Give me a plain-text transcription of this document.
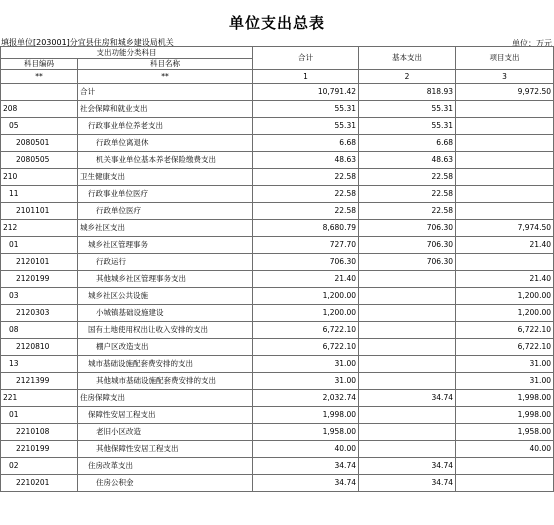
单位支出总表
填报单位[203001]分宜县住房和城乡建设局机关	单位：万元
支出功能分类科目		合计	基本支出	项目支出
科目编码	科目名称			
**	**	1	2	3
	合计	10,791.42	818.93	9,972.50
208	社会保障和就业支出	55.31	55.31	
05	行政事业单位养老支出	55.31	55.31	
2080501	行政单位离退休	6.68	6.68	
2080505	机关事业单位基本养老保险缴费支出	48.63	48.63	
210	卫生健康支出	22.58	22.58	
11	行政事业单位医疗	22.58	22.58	
2101101	行政单位医疗	22.58	22.58	
212	城乡社区支出	8,680.79	706.30	7,974.50
01	城乡社区管理事务	727.70	706.30	21.40
2120101	行政运行	706.30	706.30	
2120199	其他城乡社区管理事务支出	21.40		21.40
03	城乡社区公共设施	1,200.00		1,200.00
2120303	小城镇基础设施建设	1,200.00		1,200.00
08	国有土地使用权出让收入安排的支出	6,722.10		6,722.10
2120810	棚户区改造支出	6,722.10		6,722.10
13	城市基础设施配套费安排的支出	31.00		31.00
2121399	其他城市基础设施配套费安排的支出	31.00		31.00
221	住房保障支出	2,032.74	34.74	1,998.00
01	保障性安居工程支出	1,998.00		1,998.00
2210108	老旧小区改造	1,958.00		1,958.00
2210199	其他保障性安居工程支出	40.00		40.00
02	住房改革支出	34.74	34.74	
2210201	住房公积金	34.74	34.74	
